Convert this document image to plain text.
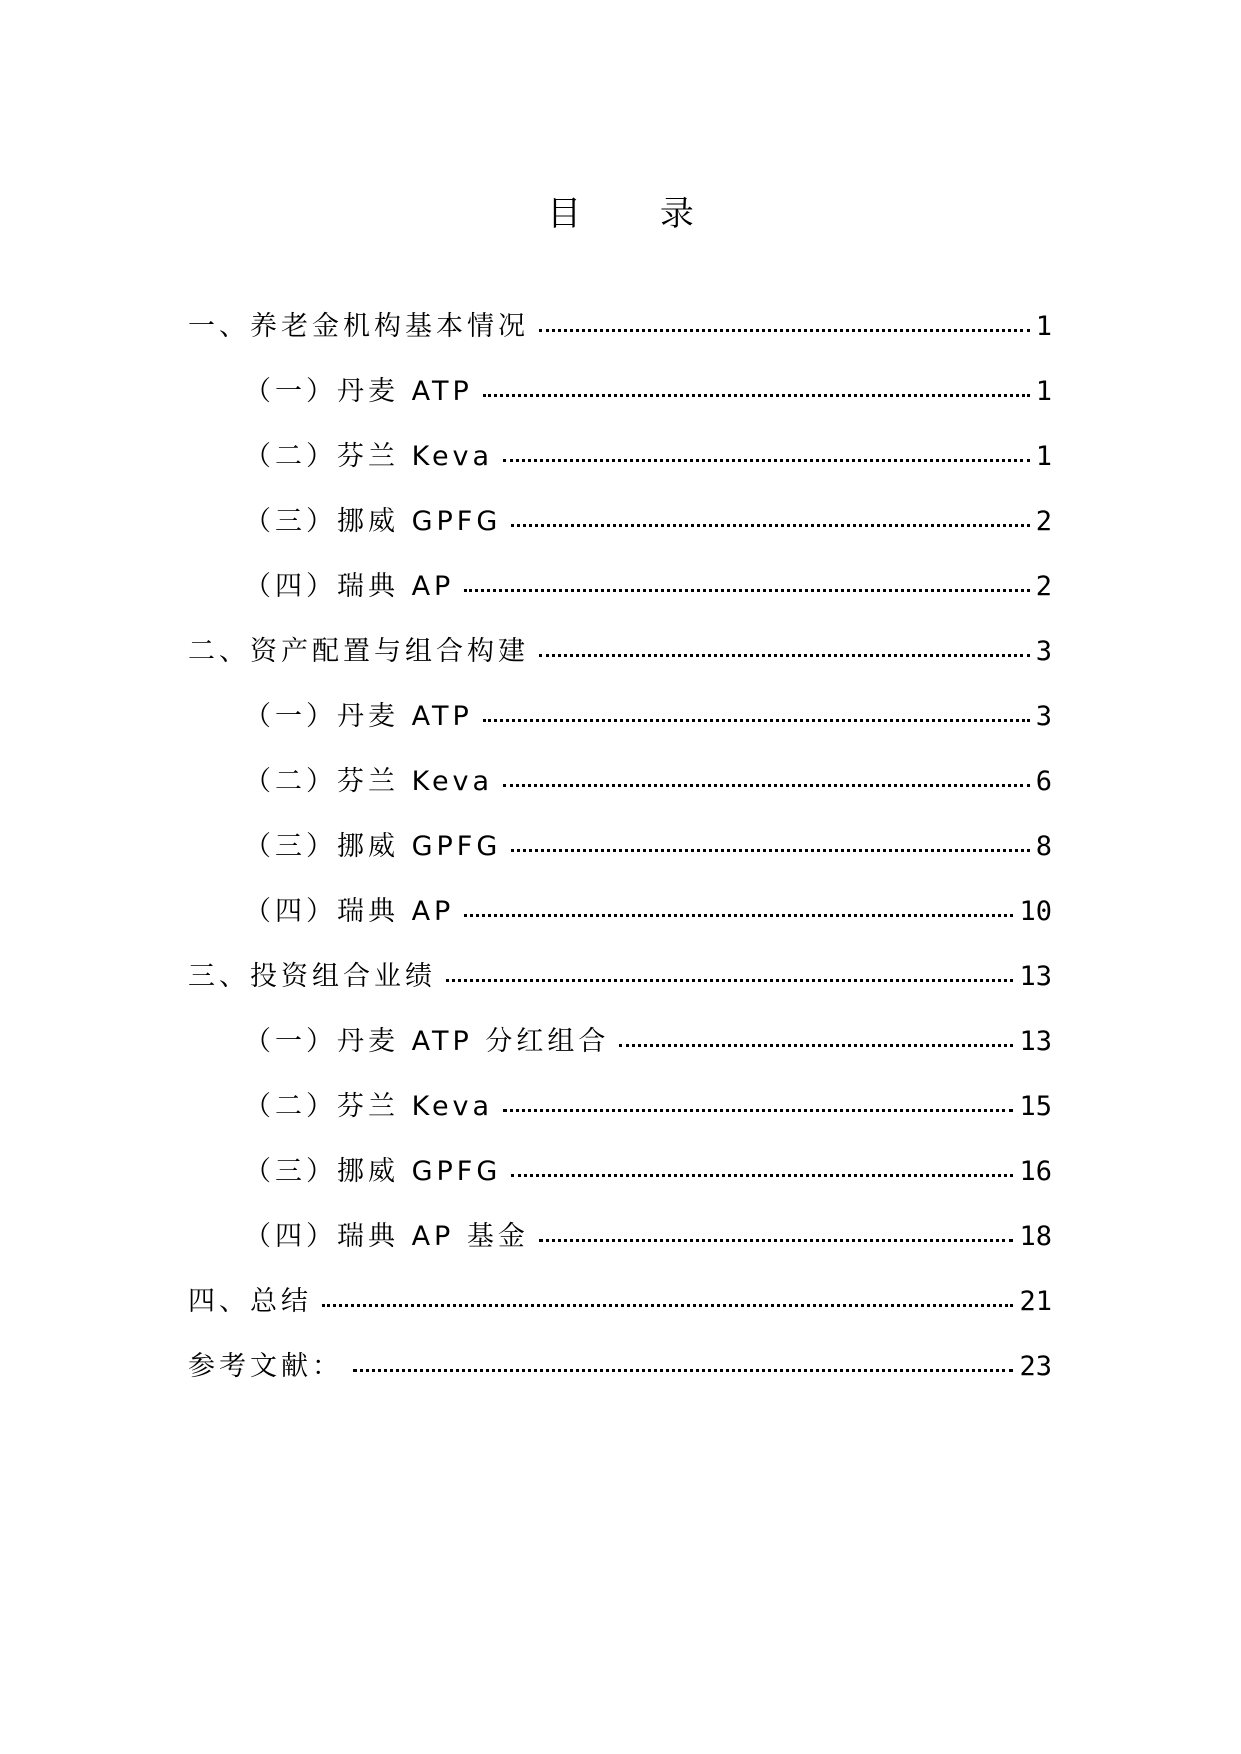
目 录
一、养老金机构基本情况	1
（一）丹麦 ATP	1
（二）芬兰 Keva	1
（三）挪威 GPFG	2
（四）瑞典 AP	2
二、资产配置与组合构建	3
（一）丹麦 ATP	3
（二）芬兰 Keva	6
（三）挪威 GPFG	8
（四）瑞典 AP	10
三、投资组合业绩	13
（一）丹麦 ATP 分红组合	13
（二）芬兰 Keva	15
（三）挪威 GPFG	16
（四）瑞典 AP 基金	18
四、总结	21
参考文献：	23
